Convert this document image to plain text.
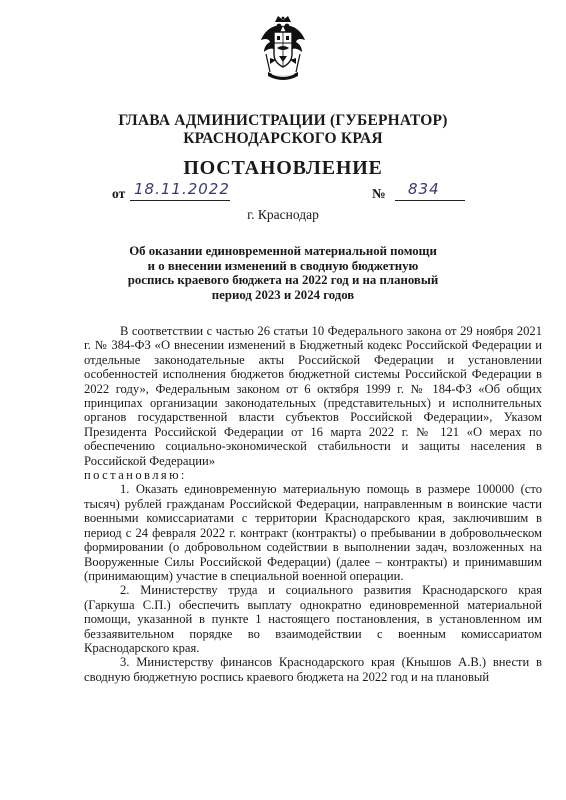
ГЛАВА АДМИНИСТРАЦИИ (ГУБЕРНАТОР)
КРАСНОДАРСКОГО КРАЯ
ПОСТАНОВЛЕНИЕ
от 18.11.2022	№ 834
г. Краснодар
Об оказании единовременной материальной помощи
и о внесении изменений в сводную бюджетную
роспись краевого бюджета на 2022 год и на плановый
период 2023 и 2024 годов

В соответствии с частью 26 статьи 10 Федерального закона от 29 ноября 2021 г. № 384-ФЗ «О внесении изменений в Бюджетный кодекс Российской Федерации и отдельные законодательные акты Российской Федерации и установлении особенностей исполнения бюджетов бюджетной системы Российской Федерации в 2022 году», Федеральным законом от 6 октября 1999 г. № 184-ФЗ «Об общих принципах организации законодательных (представительных) и исполнительных органов государственной власти субъектов Российской Федерации», Указом Президента Российской Федерации от 16 марта 2022 г. № 121 «О мерах по обеспечению социально-экономической стабильности и защиты населения в Российской Федерации»

постановляю:

1. Оказать единовременную материальную помощь в размере 100000 (сто тысяч) рублей гражданам Российской Федерации, направленным в воинские части военными комиссариатами с территории Краснодарского края, заключившим в период с 24 февраля 2022 г. контракт (контракты) о пребывании в добровольческом формировании (о добровольном содействии в выполнении задач, возложенных на Вооруженные Силы Российской Федерации) (далее – контракты) и принимавшим (принимающим) участие в специальной военной операции.

2. Министерству труда и социального развития Краснодарского края (Гаркуша С.П.) обеспечить выплату однократно единовременной материальной помощи, указанной в пункте 1 настоящего постановления, в установленном им беззаявительном порядке во взаимодействии с военным комиссариатом Краснодарского края.

3. Министерству финансов Краснодарского края (Кнышов А.В.) внести в сводную бюджетную роспись краевого бюджета на 2022 год и на плановый
